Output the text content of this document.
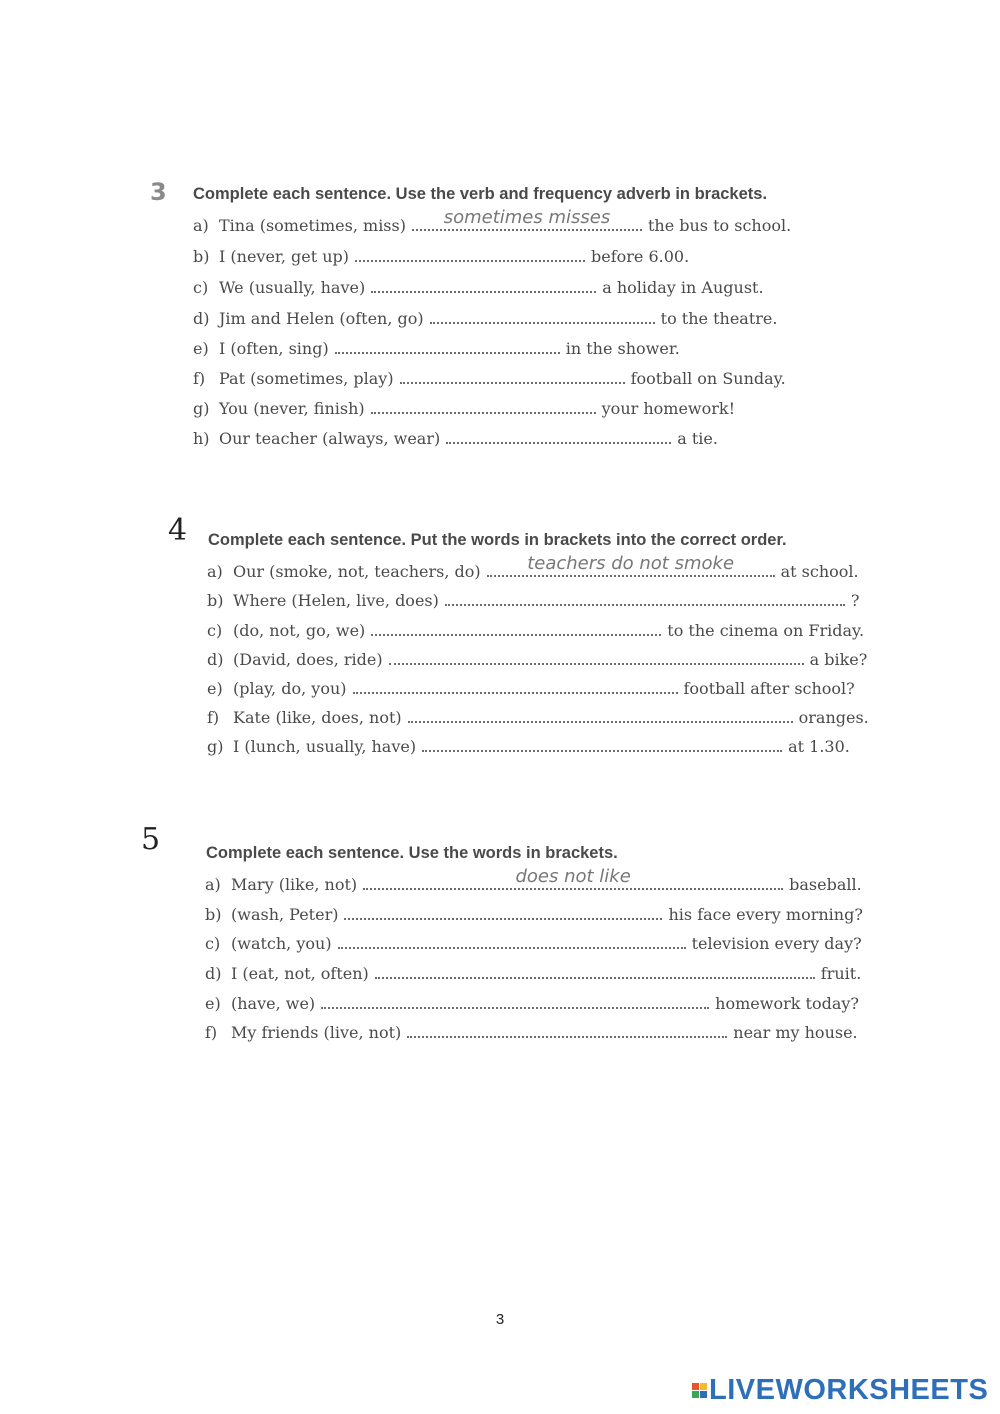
3 Complete each sentence. Use the verb and frequency adverb in brackets.
a) Tina (sometimes, miss)
sometimes misses	the bus to school.
b) I (never, get up)	before 6.00.
c) We (usually, have)	a holiday in August.
d) Jim and Helen (often, go)	to the theatre.
e) I (often, sing)	in the shower.
f) Pat (sometimes, play)	football on Sunday.
g) You (never, finish)	your homework!
h) Our teacher (always, wear)	a tie.
4 Complete each sentence. Put the words in brackets into the correct order.
a) Our (smoke, not, teachers, do)
teachers do not smoke	at school.
b) Where (Helen, live, does)	?
c) (do, not, go, we)	to the cinema on Friday.
d) (David, does, ride)	a bike?
e) (play, do, you)	football after school?
f) Kate (like, does, not)	oranges.
g) I (lunch, usually, have)	at 1.30.
5	Complete each sentence. Use the words in brackets.
a) Mary (like, not)
does not like	baseball.
b) (wash, Peter)	his face every morning?
c) (watch, you)	television every day?
d) I (eat, not, often)	fruit.
e) (have, we)	homework today?
f) My friends (live, not)	near my house.
3
LIVEWORKSHEETS
